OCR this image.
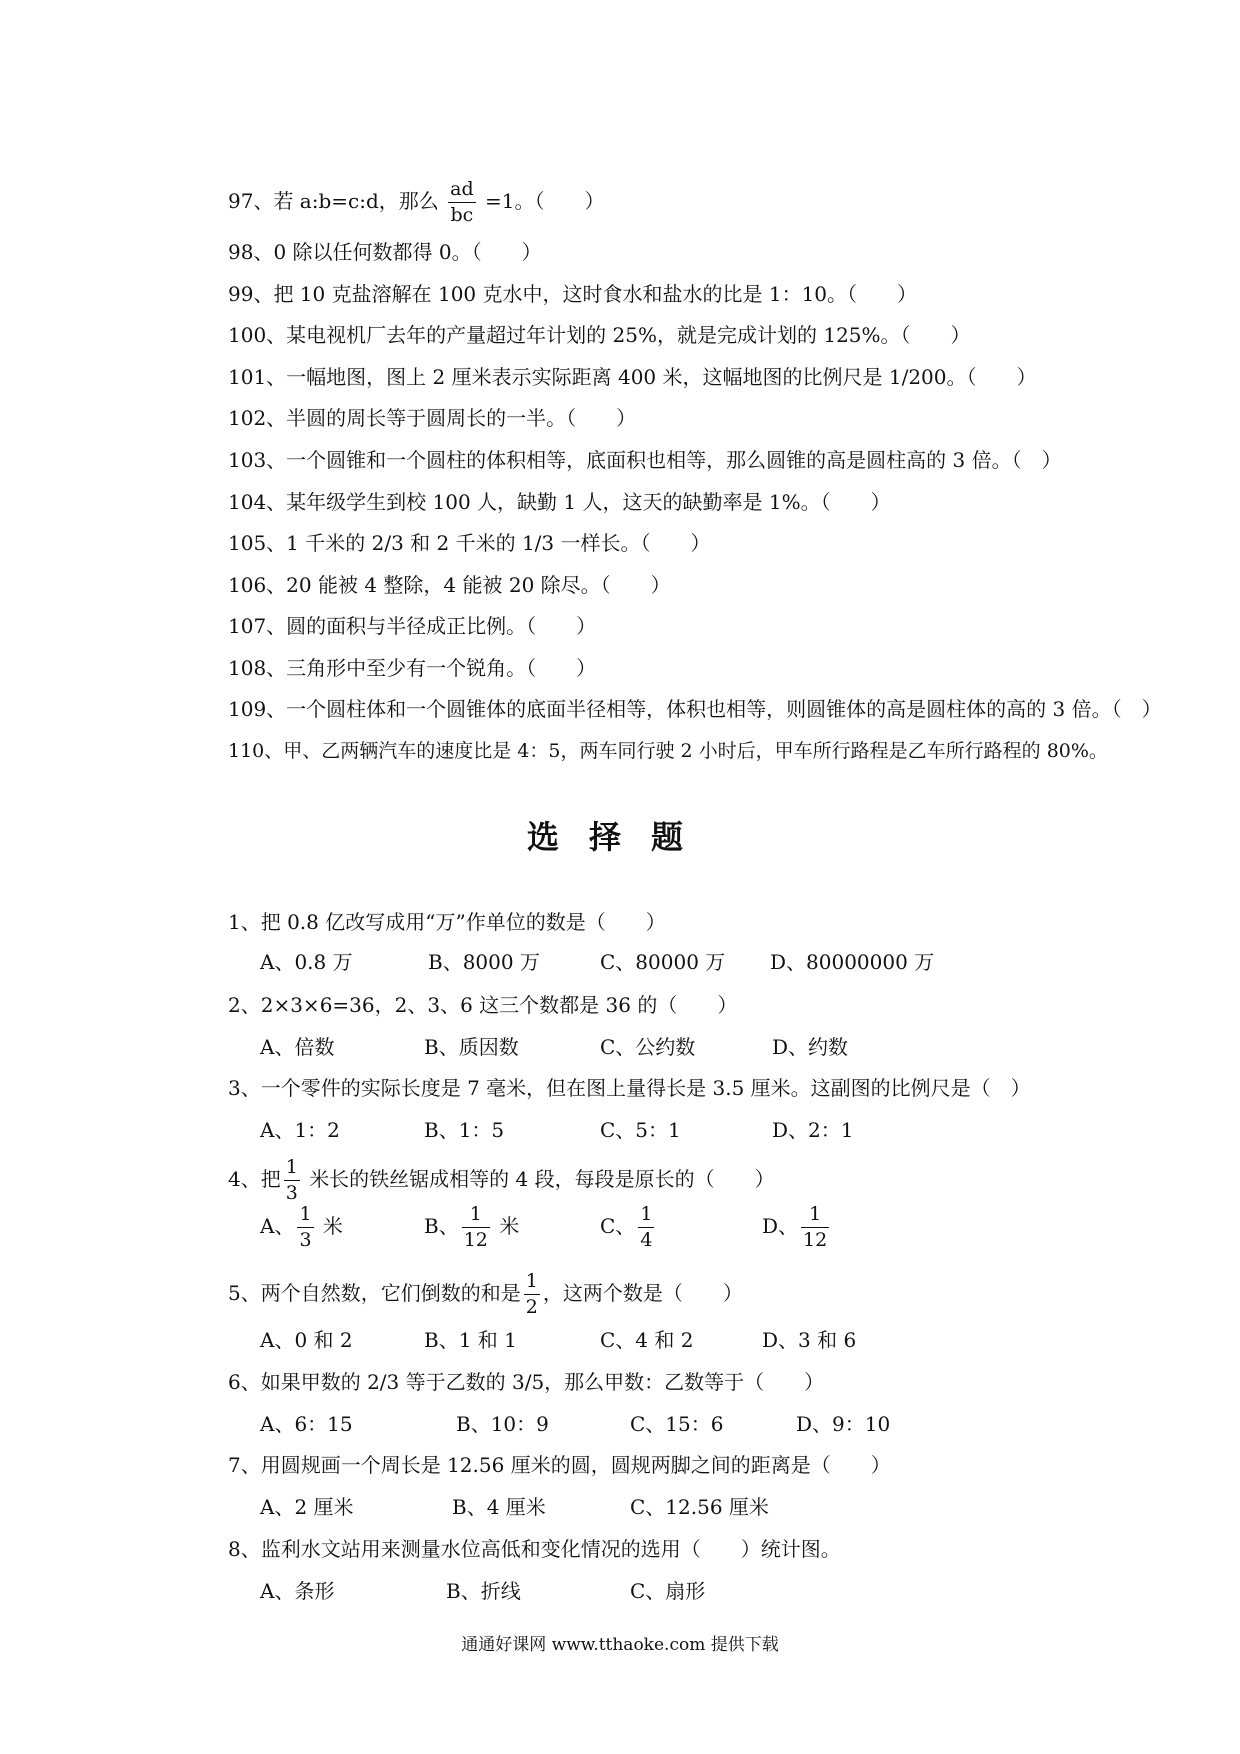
97、若 a:b=c:d，那么 $\frac{ad}{bc} =1$。（　　）
98、0 除以任何数都得 0。（　　）
99、把 10 克盐溶解在 100 克水中，这时食水和盐水的比是 1：10。（　　）
100、某电视机厂去年的产量超过年计划的 25%，就是完成计划的 125%。（　　）
101、一幅地图，图上 2 厘米表示实际距离 400 米，这幅地图的比例尺是 1/200。（　　）
102、半圆的周长等于圆周长的一半。（　　）
103、一个圆锥和一个圆柱的体积相等，底面积也相等，那么圆锥的高是圆柱高的 3 倍。（　）
104、某年级学生到校 100 人，缺勤 1 人，这天的缺勤率是 1%。（　　）
105、1 千米的 2/3 和 2 千米的 1/3 一样长。（　　）
106、20 能被 4 整除，4 能被 20 除尽。（　　）
107、圆的面积与半径成正比例。（　　）
108、三角形中至少有一个锐角。（　　）
109、一个圆柱体和一个圆锥体的底面半径相等，体积也相等，则圆锥体的高是圆柱体的高的 3 倍。（　）
110、甲、乙两辆汽车的速度比是 4：5，两车同行驶 2 小时后，甲车所行路程是乙车所行路程的 80%。
选择题
1、把 0.8 亿改写成用“万”作单位的数是（　　）
A、0.8 万	B、8000 万	C、80000 万 D、80000000 万
2、2×3×6=36，2、3、6 这三个数都是 36 的（　　）
A、倍数	B、质因数	C、公约数	D、约数
3、一个零件的实际长度是 7 毫米，但在图上量得长是 3.5 厘米。这副图的比例尺是（　）
A、1：2	B、1：5	C、5：1	D、2：1
4、把 $\frac{1}{3}$ 米长的铁丝锯成相等的 4 段，每段是原长的（　　）
A、 $\frac{1}{3}$ 米	B、 $\frac{1}{12}$ 米	C、 $\frac{1}{4}$	D、 $\frac{1}{12}$
5、两个自然数，它们倒数的和是 $\frac{1}{2}$ ，这两个数是（　　）
A、0 和 2	B、1 和 1	C、4 和 2	D、3 和 6
6、如果甲数的 2/3 等于乙数的 3/5，那么甲数：乙数等于（　　）
A、6：15	B、10：9	C、15：6	D、9：10
7、用圆规画一个周长是 12.56 厘米的圆，圆规两脚之间的距离是（　　）
A、2 厘米	B、4 厘米	C、12.56 厘米
8、监利水文站用来测量水位高低和变化情况的选用（　　）统计图。
A、条形	B、折线	C、扇形
通通好课网 www.tthaoke.com 提供下载
